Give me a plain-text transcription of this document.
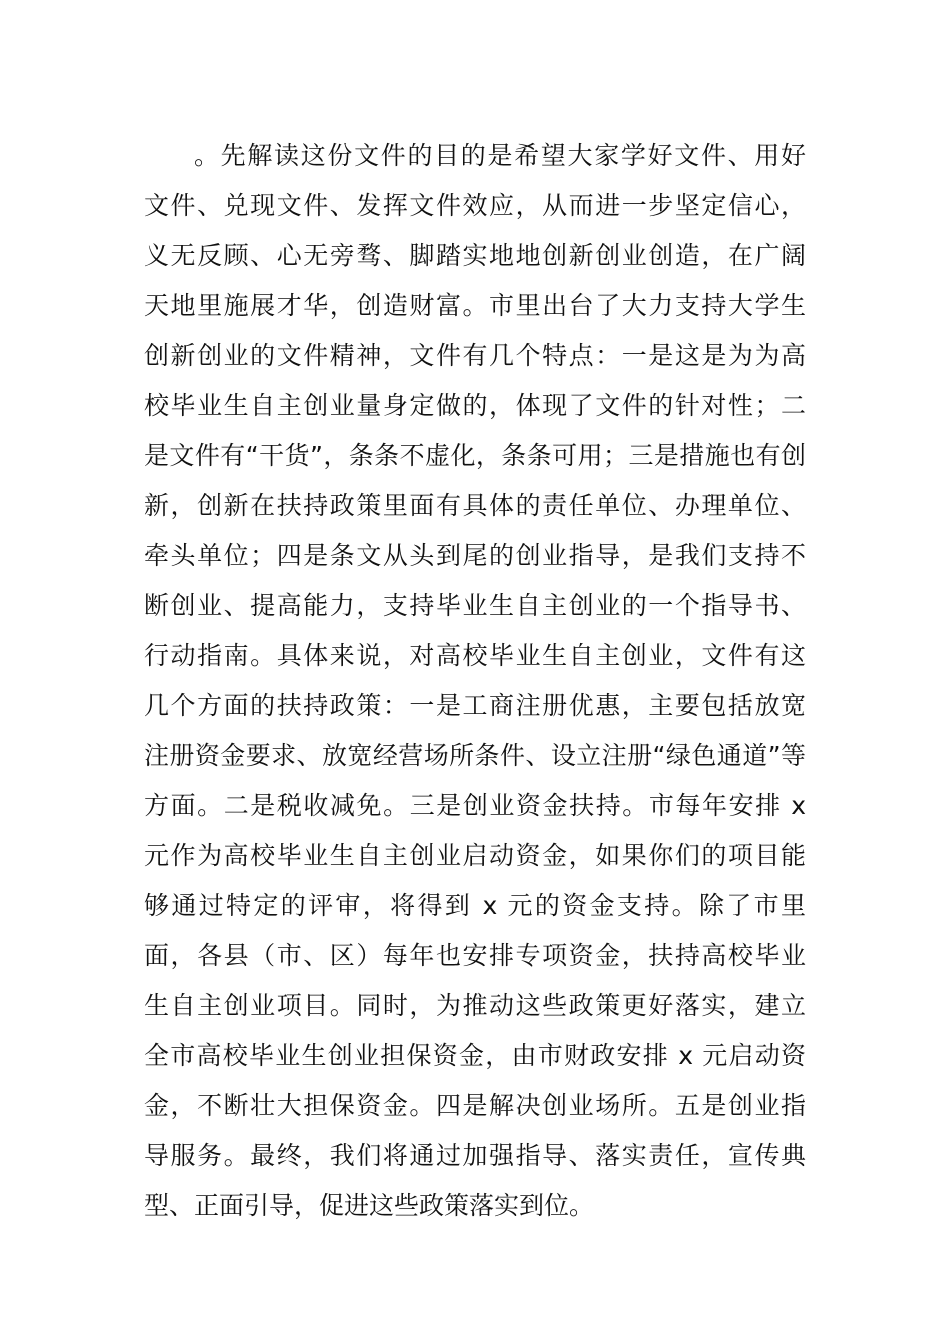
。先解读这份文件的目的是希望大家学好文件、用好
文件、兑现文件、发挥文件效应，从而进一步坚定信心，
义无反顾、心无旁骛、脚踏实地地创新创业创造，在广阔
天地里施展才华，创造财富。市里出台了大力支持大学生
创新创业的文件精神，文件有几个特点：一是这是为为高
校毕业生自主创业量身定做的，体现了文件的针对性；二
是文件有“干货”，条条不虚化，条条可用；三是措施也有创
新，创新在扶持政策里面有具体的责任单位、办理单位、
牵头单位；四是条文从头到尾的创业指导，是我们支持不
断创业、提高能力，支持毕业生自主创业的一个指导书、
行动指南。具体来说，对高校毕业生自主创业，文件有这
几个方面的扶持政策：一是工商注册优惠，主要包括放宽
注册资金要求、放宽经营场所条件、设立注册“绿色通道”等
方面。二是税收减免。三是创业资金扶持。市每年安排 x
元作为高校毕业生自主创业启动资金，如果你们的项目能
够通过特定的评审，将得到 x 元的资金支持。除了市里
面，各县（市、区）每年也安排专项资金，扶持高校毕业
生自主创业项目。同时，为推动这些政策更好落实，建立
全市高校毕业生创业担保资金，由市财政安排 x 元启动资
金，不断壮大担保资金。四是解决创业场所。五是创业指
导服务。最终，我们将通过加强指导、落实责任，宣传典
型、正面引导，促进这些政策落实到位。
